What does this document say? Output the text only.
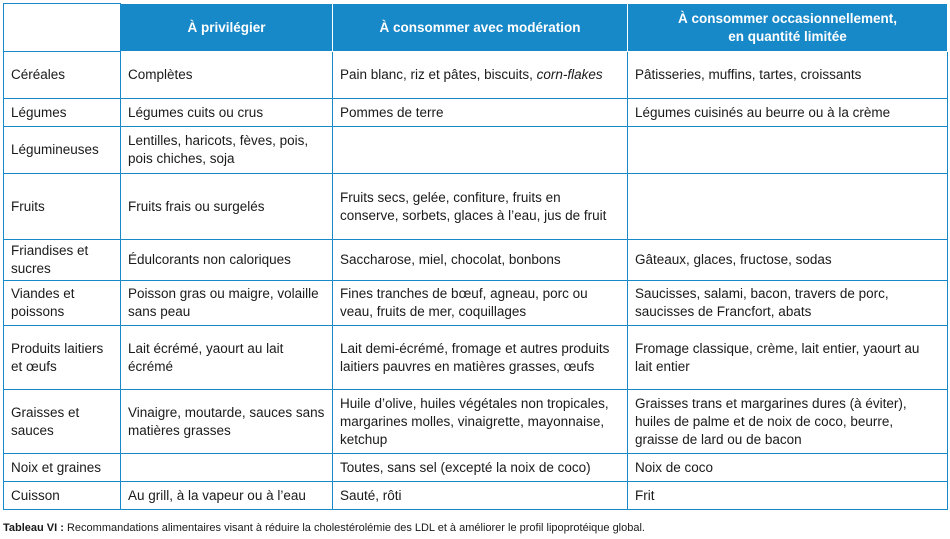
	À privilégier	À consommer avec modération	À consommer occasionnellement,
en quantité limitée
Céréales	Complètes	Pain blanc, riz et pâtes, biscuits, corn-flakes	Pâtisseries, muffins, tartes, croissants
Légumes	Légumes cuits ou crus	Pommes de terre	Légumes cuisinés au beurre ou à la crème
Légumineuses	Lentilles, haricots, fèves, pois, pois chiches, soja		
Fruits	Fruits frais ou surgelés	Fruits secs, gelée, confiture, fruits en conserve, sorbets, glaces à l’eau, jus de fruit	
Friandises et sucres	Édulcorants non caloriques	Saccharose, miel, chocolat, bonbons	Gâteaux, glaces, fructose, sodas
Viandes et poissons	Poisson gras ou maigre, volaille sans peau	Fines tranches de bœuf, agneau, porc ou veau, fruits de mer, coquillages	Saucisses, salami, bacon, travers de porc, saucisses de Francfort, abats
Produits laitiers et œufs	Lait écrémé, yaourt au lait écrémé	Lait demi-écrémé, fromage et autres produits laitiers pauvres en matières grasses, œufs	Fromage classique, crème, lait entier, yaourt au lait entier
Graisses et sauces	Vinaigre, moutarde, sauces sans matières grasses	Huile d’olive, huiles végétales non tropicales, margarines molles, vinaigrette, mayonnaise, ketchup	Graisses trans et margarines dures (à éviter), huiles de palme et de noix de coco, beurre, graisse de lard ou de bacon
Noix et graines		Toutes, sans sel (excepté la noix de coco)	Noix de coco
Cuisson	Au grill, à la vapeur ou à l’eau	Sauté, rôti	Frit
Tableau VI : Recommandations alimentaires visant à réduire la cholestérolémie des LDL et à améliorer le profil lipoprotéique global.
